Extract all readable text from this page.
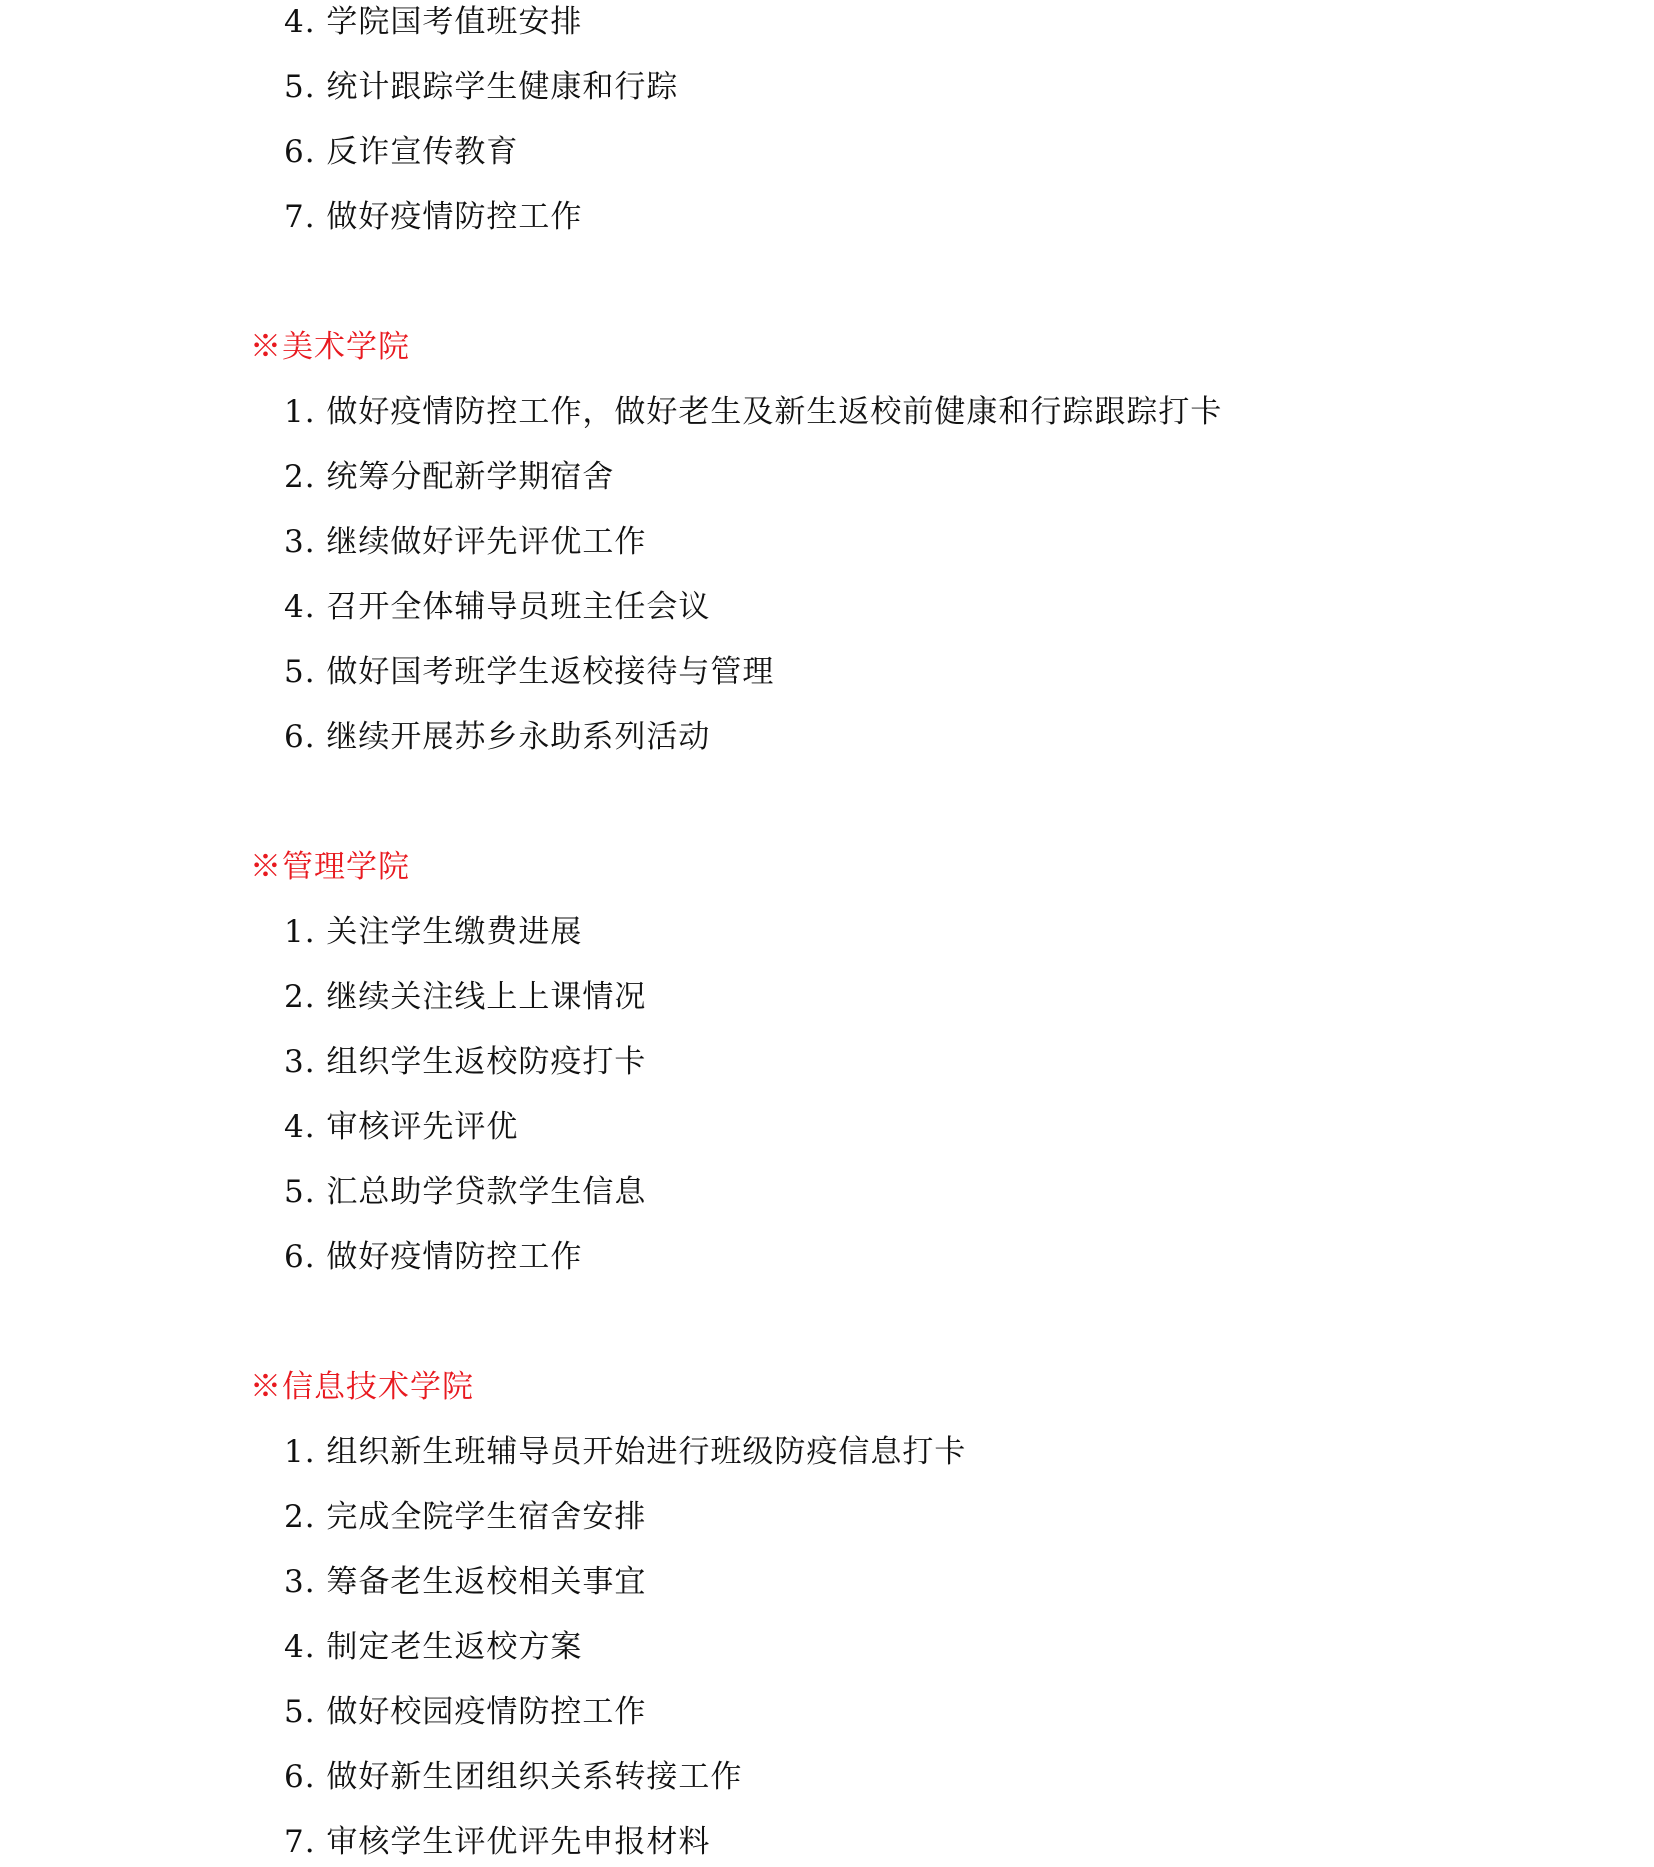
4. 学院国考值班安排
5. 统计跟踪学生健康和行踪
6. 反诈宣传教育
7. 做好疫情防控工作
※美术学院
1. 做好疫情防控工作，做好老生及新生返校前健康和行踪跟踪打卡
2. 统筹分配新学期宿舍
3. 继续做好评先评优工作
4. 召开全体辅导员班主任会议
5. 做好国考班学生返校接待与管理
6. 继续开展苏乡永助系列活动
※管理学院
1. 关注学生缴费进展
2. 继续关注线上上课情况
3. 组织学生返校防疫打卡
4. 审核评先评优
5. 汇总助学贷款学生信息
6. 做好疫情防控工作
※信息技术学院
1. 组织新生班辅导员开始进行班级防疫信息打卡
2. 完成全院学生宿舍安排
3. 筹备老生返校相关事宜
4. 制定老生返校方案
5. 做好校园疫情防控工作
6. 做好新生团组织关系转接工作
7. 审核学生评优评先申报材料
